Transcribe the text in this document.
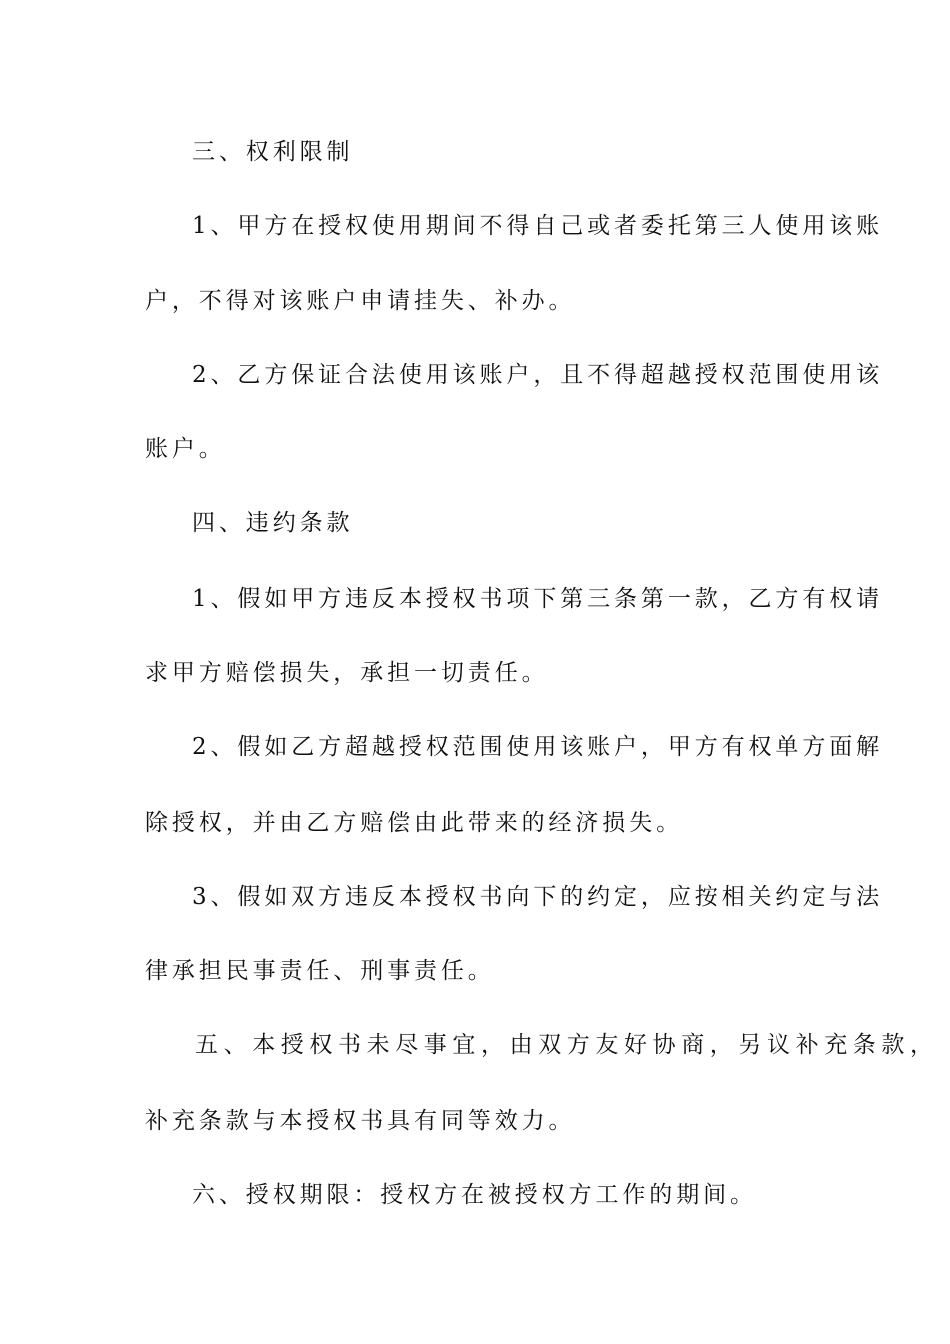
三、权利限制
1、甲方在授权使用期间不得自己或者委托第三人使用该账
户，不得对该账户申请挂失、补办。
2、乙方保证合法使用该账户，且不得超越授权范围使用该
账户。
四、违约条款
1、假如甲方违反本授权书项下第三条第一款，乙方有权请
求甲方赔偿损失，承担一切责任。
2、假如乙方超越授权范围使用该账户，甲方有权单方面解
除授权，并由乙方赔偿由此带来的经济损失。
3、假如双方违反本授权书向下的约定，应按相关约定与法
律承担民事责任、刑事责任。
五、本授权书未尽事宜，由双方友好协商，另议补充条款，
补充条款与本授权书具有同等效力。
六、授权期限：授权方在被授权方工作的期间。
